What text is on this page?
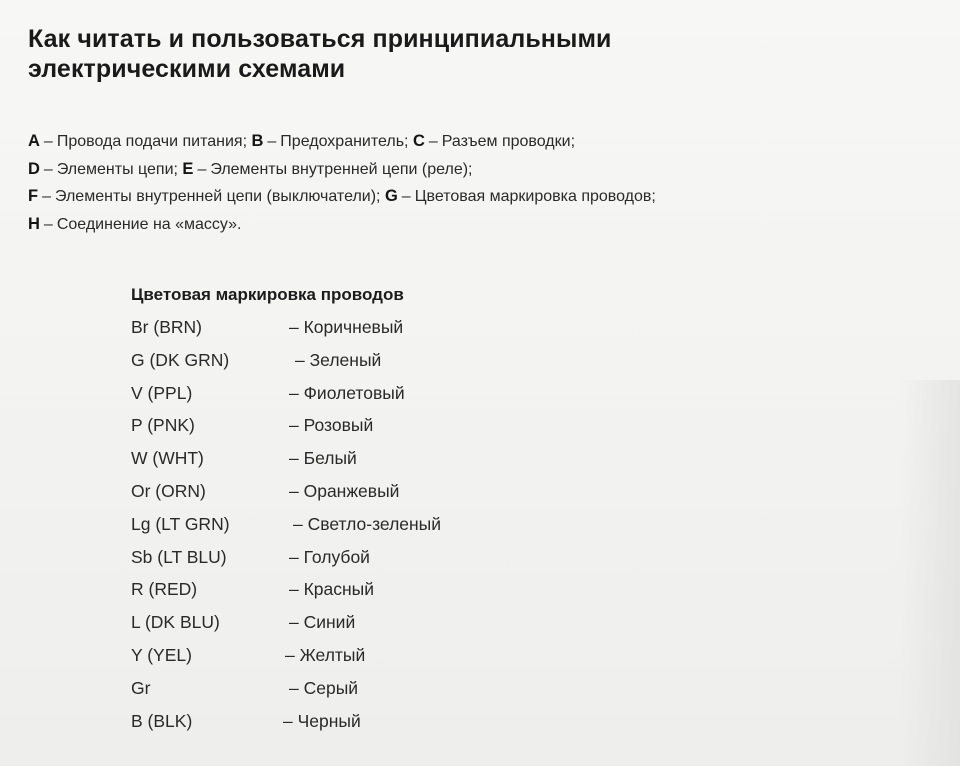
Как читать и пользоваться принципиальными
электрическими схемами
A – Провода подачи питания; B – Предохранитель; C – Разъем проводки;
D – Элементы цепи; E – Элементы внутренней цепи (реле);
F – Элементы внутренней цепи (выключатели); G – Цветовая маркировка проводов;
H – Соединение на «массу».
Цветовая маркировка проводов
Br (BRN)	– Коричневый
G (DK GRN)	– Зеленый
V (PPL)	– Фиолетовый
P (PNK)	– Розовый
W (WHT)	– Белый
Or (ORN)	– Оранжевый
Lg (LT GRN)	– Светло-зеленый
Sb (LT BLU)	– Голубой
R (RED)	– Красный
L (DK BLU)	– Синий
Y (YEL)	– Желтый
Gr	– Серый
B (BLK)	– Черный
